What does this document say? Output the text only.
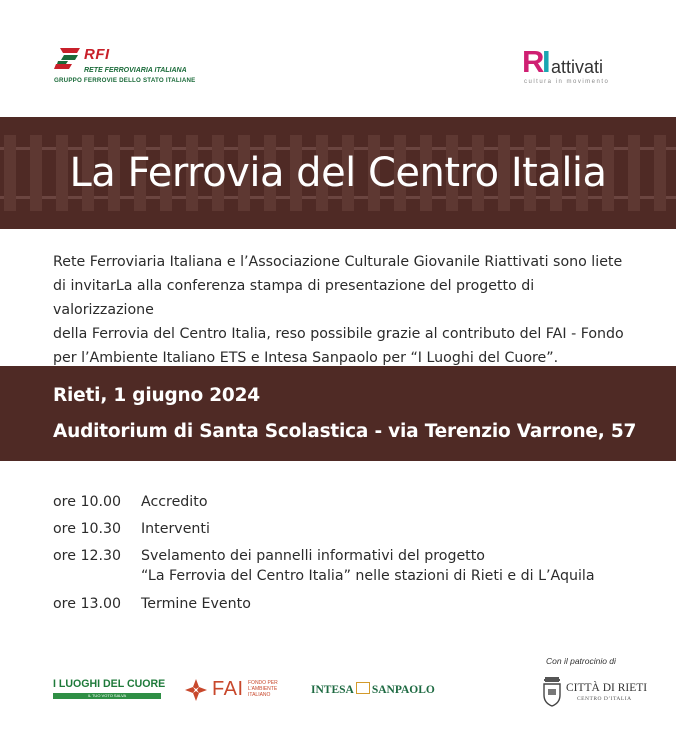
RFI
RETE FERROVIARIA ITALIANA
GRUPPO FERROVIE DELLO STATO ITALIANE
R
I attivati
cultura in movimento
La Ferrovia del Centro Italia
Rete Ferroviaria Italiana e l’Associazione Culturale Giovanile Riattivati sono liete
di invitarLa alla conferenza stampa di presentazione del progetto di valorizzazione
della Ferrovia del Centro Italia, reso possibile grazie al contributo del FAI - Fondo
per l’Ambiente Italiano ETS e Intesa Sanpaolo per “I Luoghi del Cuore”.
Rieti, 1 giugno 2024
Auditorium di Santa Scolastica - via Terenzio Varrone, 57
ore 10.00 Accredito
ore 10.30 Interventi
ore 12.30 Svelamento dei pannelli informativi del progetto
“La Ferrovia del Centro Italia” nelle stazioni di Rieti e di L’Aquila
ore 13.00 Termine Evento
I LUOGHI DEL CUORE
IL TUO VOTO SALVA	FAI FONDO PER L’AMBIENTE ITALIANO	INTESA SANPAOLO
Con il patrocinio di
CITTÀ DI RIETI
CENTRO D’ITALIA
